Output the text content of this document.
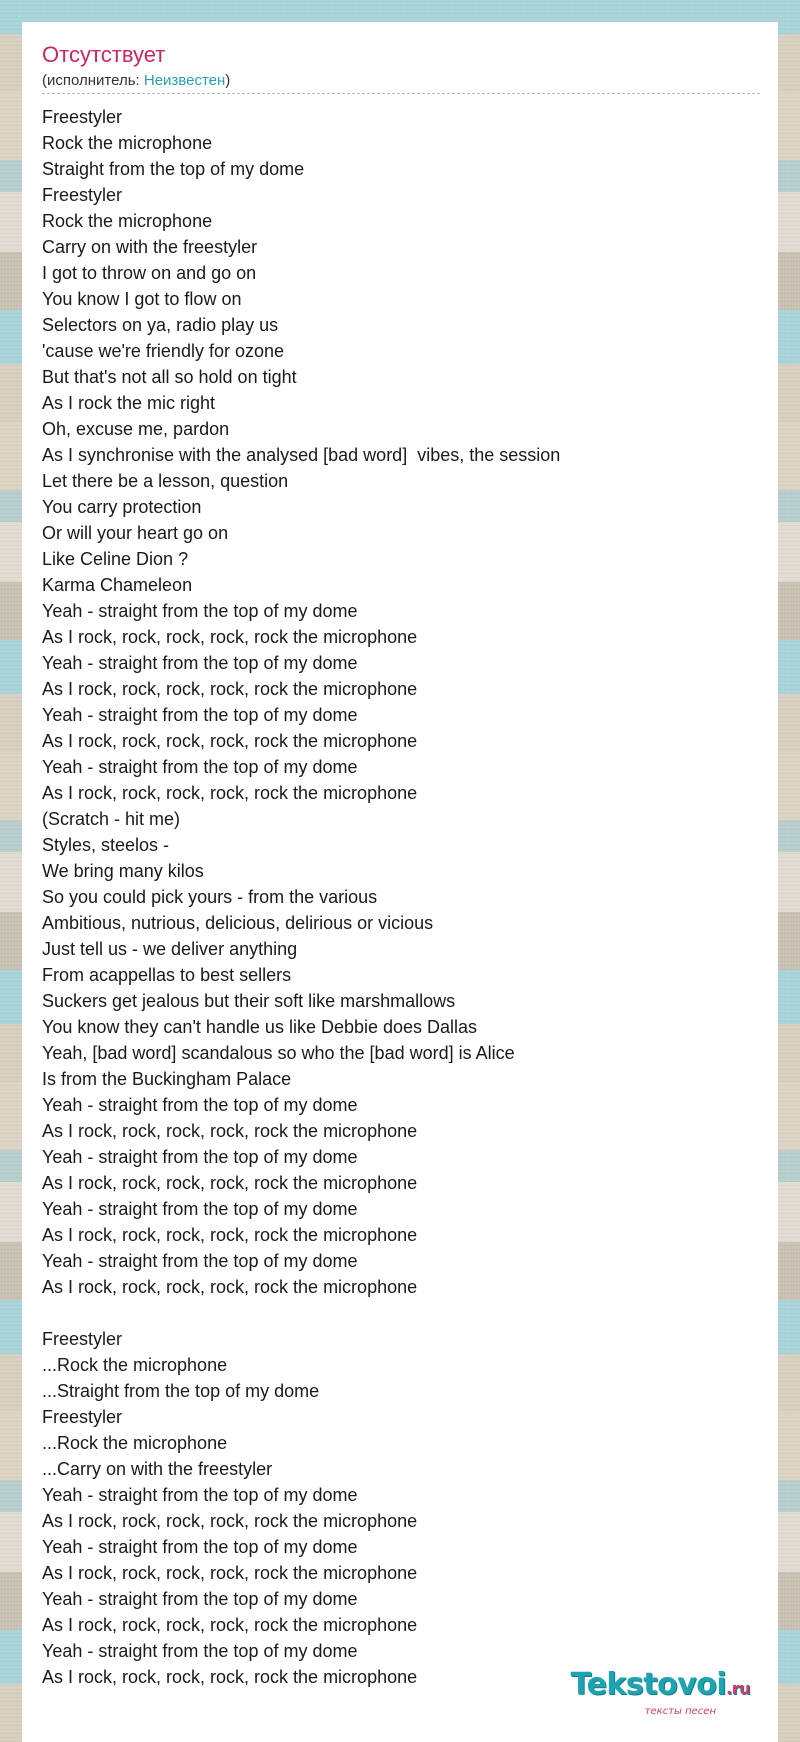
Отсутствует
(исполнитель: Неизвестен)
Freestyler
Rock the microphone
Straight from the top of my dome
Freestyler
Rock the microphone
Carry on with the freestyler
I got to throw on and go on
You know I got to flow on
Selectors on ya, radio play us
'cause we're friendly for ozone
But that's not all so hold on tight
As I rock the mic right
Oh, excuse me, pardon
As I synchronise with the analysed [bad word]  vibes, the session
Let there be a lesson, question
You carry protection
Or will your heart go on
Like Celine Dion ?
Karma Chameleon
Yeah - straight from the top of my dome
As I rock, rock, rock, rock, rock the microphone
Yeah - straight from the top of my dome
As I rock, rock, rock, rock, rock the microphone
Yeah - straight from the top of my dome
As I rock, rock, rock, rock, rock the microphone
Yeah - straight from the top of my dome
As I rock, rock, rock, rock, rock the microphone
(Scratch - hit me)
Styles, steelos -
We bring many kilos
So you could pick yours - from the various
Ambitious, nutrious, delicious, delirious or vicious
Just tell us - we deliver anything
From acappellas to best sellers
Suckers get jealous but their soft like marshmallows
You know they can't handle us like Debbie does Dallas
Yeah, [bad word] scandalous so who the [bad word] is Alice
Is from the Buckingham Palace
Yeah - straight from the top of my dome
As I rock, rock, rock, rock, rock the microphone
Yeah - straight from the top of my dome
As I rock, rock, rock, rock, rock the microphone
Yeah - straight from the top of my dome
As I rock, rock, rock, rock, rock the microphone
Yeah - straight from the top of my dome
As I rock, rock, rock, rock, rock the microphone
Freestyler
...Rock the microphone
...Straight from the top of my dome
Freestyler
...Rock the microphone
...Carry on with the freestyler
Yeah - straight from the top of my dome
As I rock, rock, rock, rock, rock the microphone
Yeah - straight from the top of my dome
As I rock, rock, rock, rock, rock the microphone
Yeah - straight from the top of my dome
As I rock, rock, rock, rock, rock the microphone
Yeah - straight from the top of my dome
As I rock, rock, rock, rock, rock the microphone	Tekstovoi.ru
тексты песен
